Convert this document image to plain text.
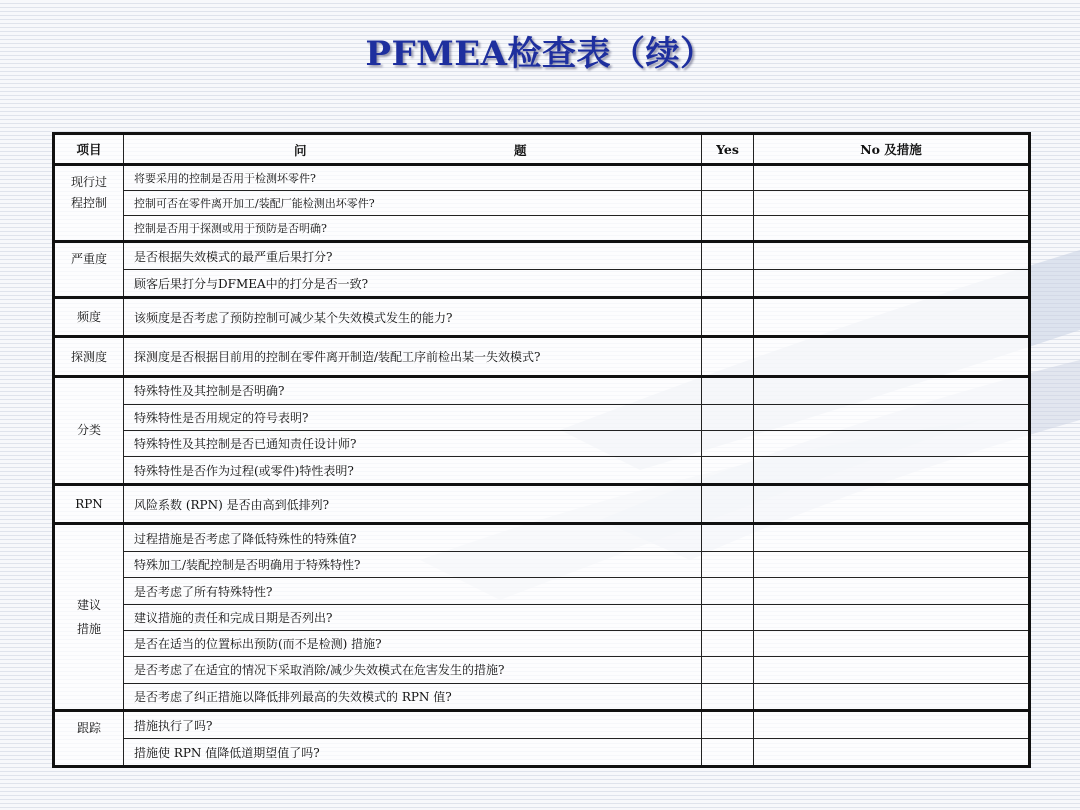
PFMEA检查表（续）
项目	问 题	Yes	No 及措施

现行过
程控制	将要采用的控制是否用于检测坏零件?		
	控制可否在零件离开加工/装配厂能检测出坏零件?		
	控制是否用于探测或用于预防是否明确?		
严重度	是否根据失效模式的最严重后果打分?		
	顾客后果打分与DFMEA中的打分是否一致?		
频度	该频度是否考虑了预防控制可减少某个失效模式发生的能力?		
探测度	探测度是否根据目前用的控制在零件离开制造/装配工序前检出某一失效模式?		
分类	特殊特性及其控制是否明确?		
	特殊特性是否用规定的符号表明?		
	特殊特性及其控制是否已通知责任设计师?		
	特殊特性是否作为过程(或零件)特性表明?		
RPN	风险系数 (RPN) 是否由高到低排列?		

建议
措施	过程措施是否考虑了降低特殊性的特殊值?		
	特殊加工/装配控制是否明确用于特殊特性?		
	是否考虑了所有特殊特性?		
	建议措施的责任和完成日期是否列出?		
	是否在适当的位置标出预防(而不是检测) 措施?		
	是否考虑了在适宜的情况下采取消除/减少失效模式在危害发生的措施?		
	是否考虑了纠正措施以降低排列最高的失效模式的 RPN 值?		
跟踪	措施执行了吗?		
	措施使 RPN 值降低道期望值了吗?		
